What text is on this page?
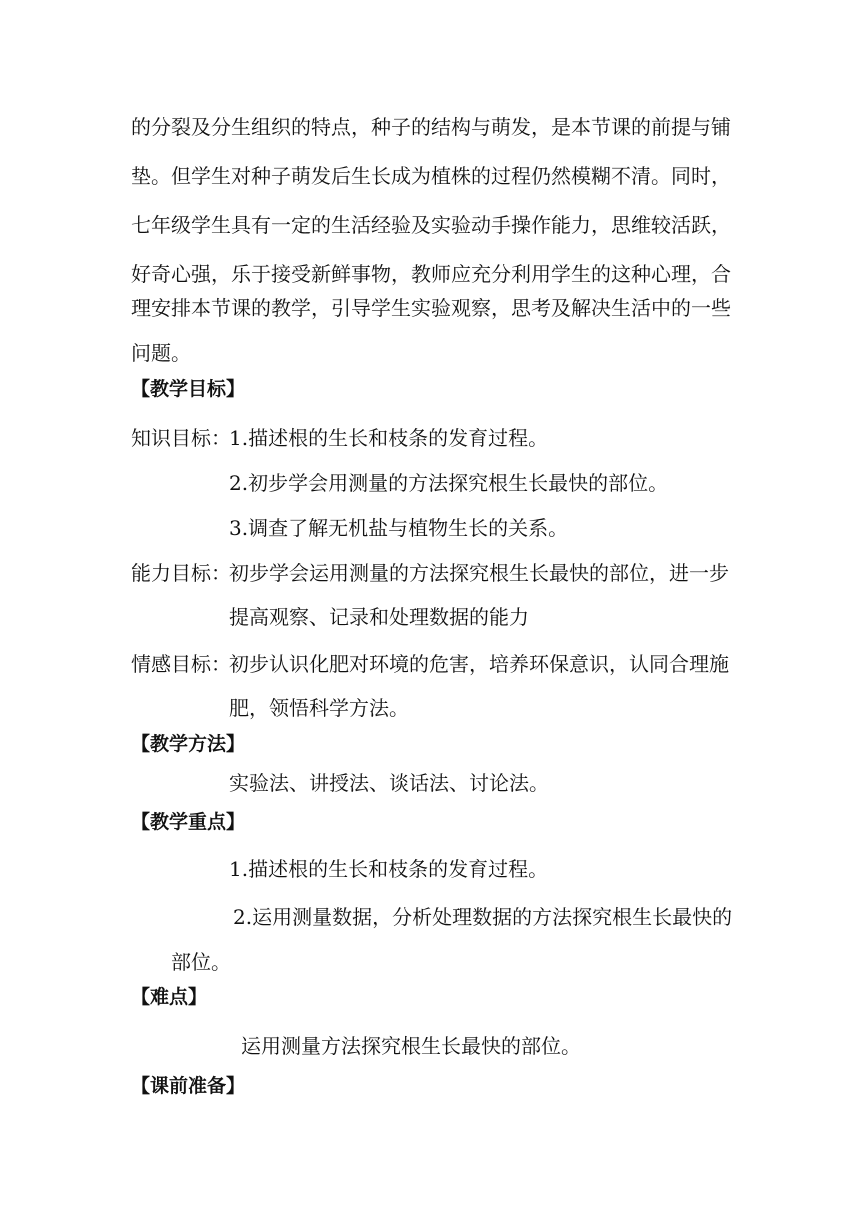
的分裂及分生组织的特点，种子的结构与萌发，是本节课的前提与铺
垫。但学生对种子萌发后生长成为植株的过程仍然模糊不清。同时，
七年级学生具有一定的生活经验及实验动手操作能力，思维较活跃，
好奇心强，乐于接受新鲜事物，教师应充分利用学生的这种心理，合
理安排本节课的教学，引导学生实验观察，思考及解决生活中的一些
问题。
【教学目标】
知识目标：
1.描述根的生长和枝条的发育过程。
2.初步学会用测量的方法探究根生长最快的部位。
3.调查了解无机盐与植物生长的关系。
能力目标：
初步学会运用测量的方法探究根生长最快的部位，进一步
提高观察、记录和处理数据的能力
情感目标：
初步认识化肥对环境的危害，培养环保意识，认同合理施
肥，领悟科学方法。
【教学方法】
实验法、讲授法、谈话法、讨论法。
【教学重点】
1.描述根的生长和枝条的发育过程。
2.运用测量数据，分析处理数据的方法探究根生长最快的
部位。
【难点】
运用测量方法探究根生长最快的部位。
【课前准备】
